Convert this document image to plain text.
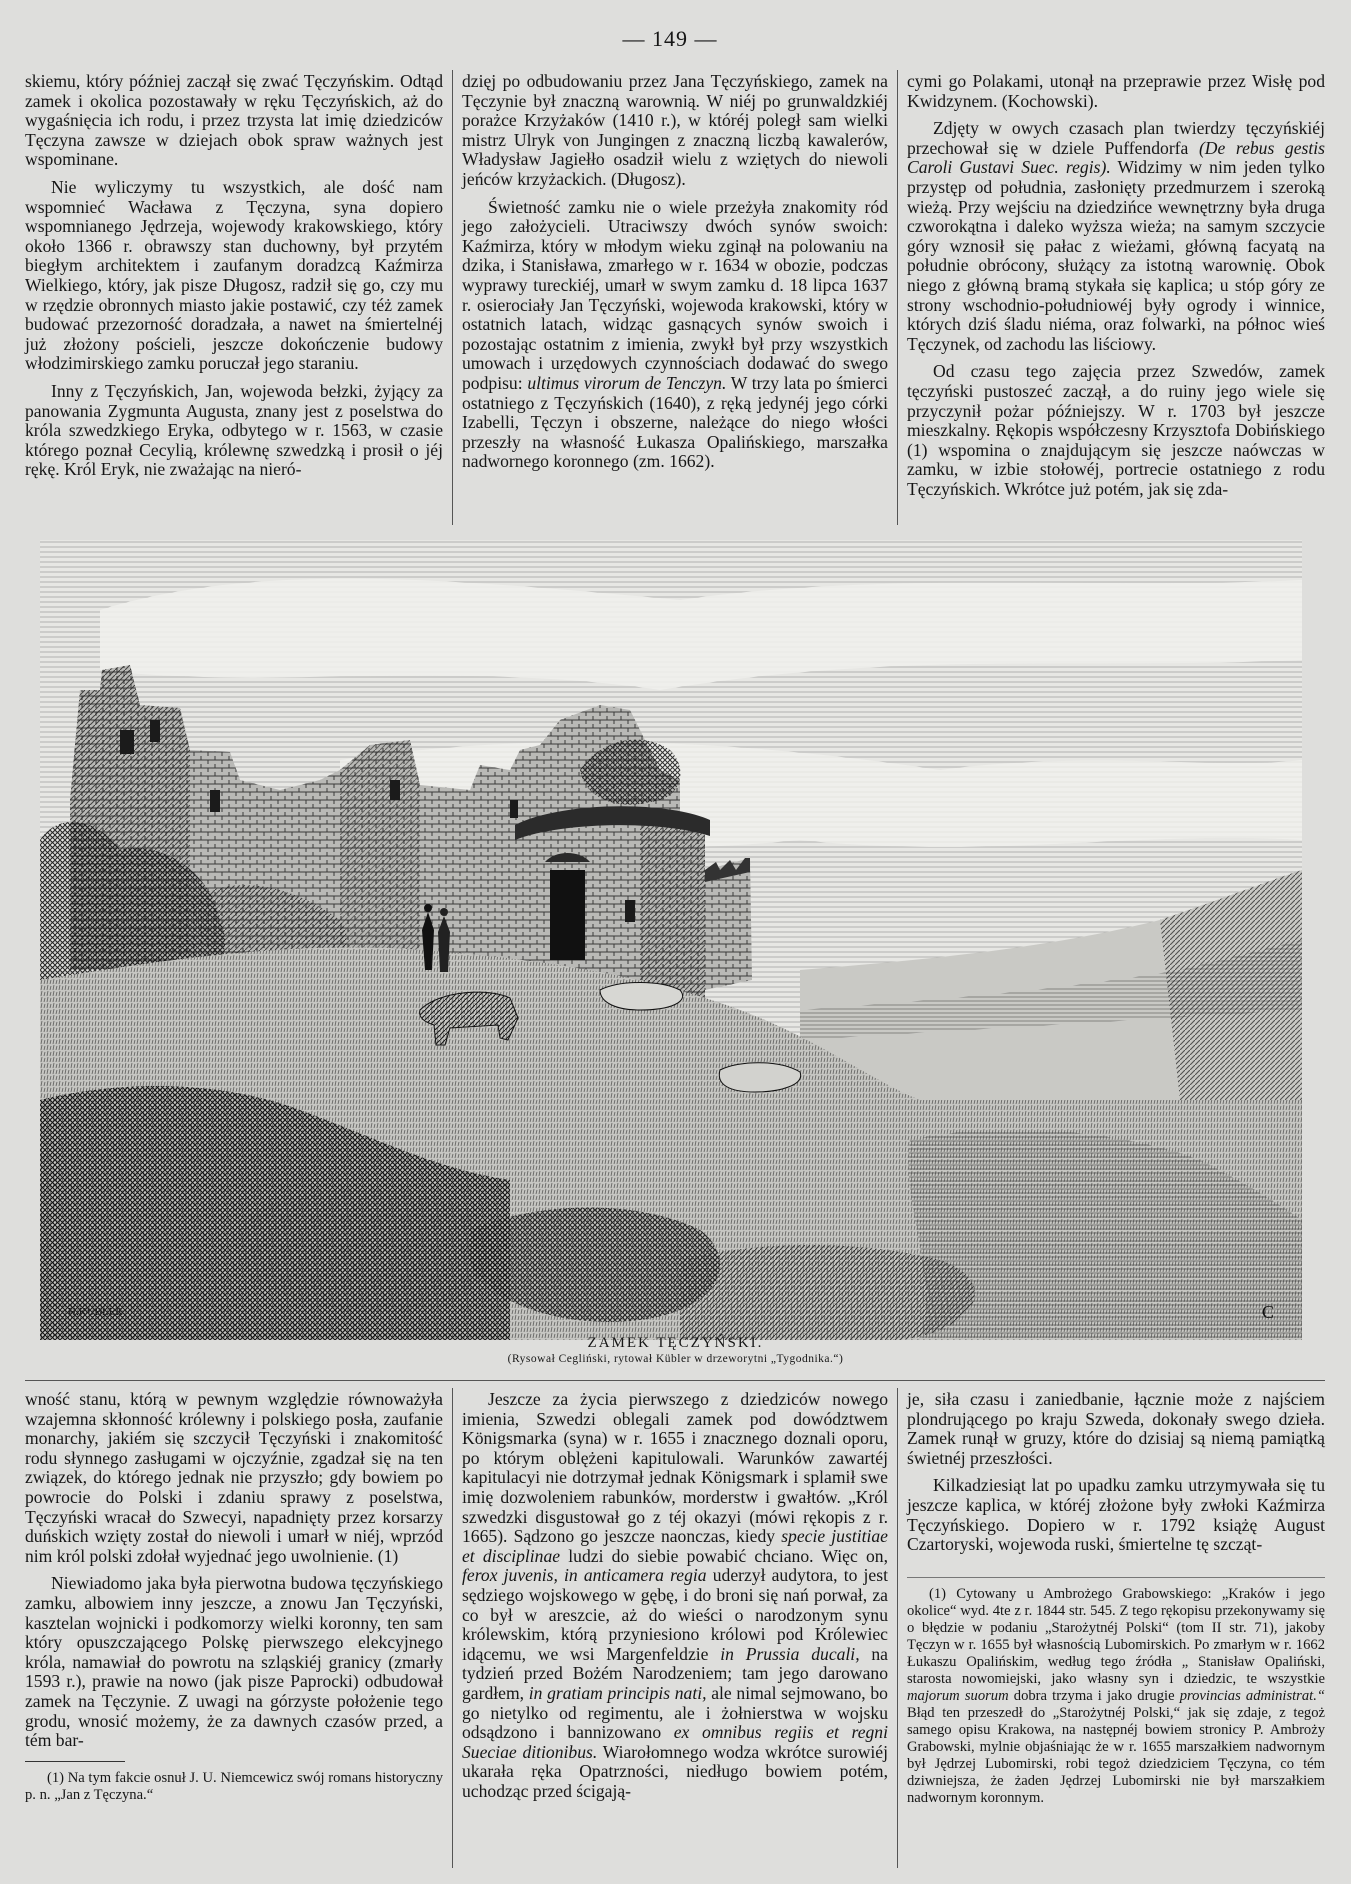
— 149 —

skiemu, który później zaczął się zwać Tęczyńskim. Odtąd zamek i okolica pozostawały w ręku Tęczyńskich, aż do wygaśnięcia ich rodu, i przez trzysta lat imię dziedziców Tęczyna zawsze w dziejach obok spraw ważnych jest wspominane.

Nie wyliczymy tu wszystkich, ale dość nam wspomnieć Wacława z Tęczyna, syna dopiero wspomnianego Jędrzeja, wojewody krakowskiego, który około 1366 r. obrawszy stan duchowny, był przytém biegłym architektem i zaufanym doradzcą Kaźmirza Wielkiego, który, jak pisze Długosz, radził się go, czy mu w rzędzie obronnych miasto jakie postawić, czy téż zamek budować przezorność doradzała, a nawet na śmiertelnéj już złożony pościeli, jeszcze dokończenie budowy włodzimirskiego zamku poruczał jego staraniu.

Inny z Tęczyńskich, Jan, wojewoda bełzki, żyjący za panowania Zygmunta Augusta, znany jest z poselstwa do króla szwedzkiego Eryka, odbytego w r. 1563, w czasie którego poznał Cecylią, królewnę szwedzką i prosił o jéj rękę. Król Eryk, nie zważając na nieró-

dzięj po odbudowaniu przez Jana Tęczyńskiego, zamek na Tęczynie był znaczną warownią. W niéj po grunwaldzkiéj porażce Krzyżaków (1410 r.), w któréj poległ sam wielki mistrz Ulryk von Jungingen z znaczną liczbą kawalerów, Władysław Jagiełło osadził wielu z wziętych do niewoli jeńców krzyżackich. (Długosz).

Świetność zamku nie o wiele przeżyła znakomity ród jego założycieli. Utraciwszy dwóch synów swoich: Kaźmirza, który w młodym wieku zginął na polowaniu na dzika, i Stanisława, zmarłego w r. 1634 w obozie, podczas wyprawy tureckiéj, umarł w swym zamku d. 18 lipca 1637 r. osierociały Jan Tęczyński, wojewoda krakowski, który w ostatnich latach, widząc gasnących synów swoich i pozostając ostatnim z imienia, zwykł był przy wszystkich umowach i urzędowych czynnościach dodawać do swego podpisu: ultimus virorum de Tenczyn. W trzy lata po śmierci ostatniego z Tęczyńskich (1640), z ręką jedynéj jego córki Izabelli, Tęczyn i obszerne, należące do niego włości przeszły na własność Łukasza Opalińskiego, marszałka nadwornego koronnego (zm. 1662).

cymi go Polakami, utonął na przeprawie przez Wisłę pod Kwidzynem. (Kochowski).

Zdjęty w owych czasach plan twierdzy tęczyńskiéj przechował się w dziele Puffendorfa (De rebus gestis Caroli Gustavi Suec. regis). Widzimy w nim jeden tylko przystęp od południa, zasłonięty przedmurzem i szeroką wieżą. Przy wejściu na dziedzińce wewnętrzny była druga czworokątna i daleko wyższa wieża; na samym szczycie góry wznosił się pałac z wieżami, główną facyatą na południe obrócony, służący za istotną warownię. Obok niego z główną bramą stykała się kaplica; u stóp góry ze strony wschodnio-południowéj były ogrody i winnice, których dziś śladu niéma, oraz folwarki, na północ wieś Tęczynek, od zachodu las liściowy.

Od czasu tego zajęcia przez Szwedów, zamek tęczyński pustoszeć zaczął, a do ruiny jego wiele się przyczynił pożar późniejszy. W r. 1703 był jeszcze mieszkalny. Rękopis współczesny Krzysztofa Dobińskiego (1) wspomina o znajdującym się jeszcze naówczas w zamku, w izbie stołowéj, portrecie ostatniego z rodu Tęczyńskich. Wkrótce już potém, jak się zda-

H.KUBLER	C
ZAMEK TĘCZYŃSKI.
(Rysował Cegliński, rytował Kübler w drzeworytni „Tygodnika.“)

wność stanu, którą w pewnym względzie równoważyła wzajemna skłonność królewny i polskiego posła, zaufanie monarchy, jakiém się szczycił Tęczyński i znakomitość rodu słynnego zasługami w ojczyźnie, zgadzał się na ten związek, do którego jednak nie przyszło; gdy bowiem po powrocie do Polski i zdaniu sprawy z poselstwa, Tęczyński wracał do Szwecyi, napadnięty przez korsarzy duńskich wzięty został do niewoli i umarł w niéj, wprzód nim król polski zdołał wyjednać jego uwolnienie. (1)

Niewiadomo jaka była pierwotna budowa tęczyńskiego zamku, albowiem inny jeszcze, a znowu Jan Tęczyński, kasztelan wojnicki i podkomorzy wielki koronny, ten sam który opuszczającego Polskę pierwszego elekcyjnego króla, namawiał do powrotu na szląskiéj granicy (zmarły 1593 r.), prawie na nowo (jak pisze Paprocki) odbudował zamek na Tęczynie. Z uwagi na górzyste położenie tego grodu, wnosić możemy, że za dawnych czasów przed, a tém bar-

(1) Na tym fakcie osnuł J. U. Niemcewicz swój romans historyczny p. n. „Jan z Tęczyna.“

Jeszcze za życia pierwszego z dziedziców nowego imienia, Szwedzi oblegali zamek pod dowództwem Königsmarka (syna) w r. 1655 i znacznego doznali oporu, po którym oblężeni kapitulowali. Warunków zawartéj kapitulacyi nie dotrzymał jednak Königsmark i splamił swe imię dozwoleniem rabunków, morderstw i gwałtów. „Król szwedzki disgustował go z téj okazyi (mówi rękopis z r. 1665). Sądzono go jeszcze naonczas, kiedy specie justitiae et disciplinae ludzi do siebie powabić chciano. Więc on, ferox juvenis, in anticamera regia uderzył audytora, to jest sędziego wojskowego w gębę, i do broni się nań porwał, za co był w areszcie, aż do wieści o narodzonym synu królewskim, którą przyniesiono królowi pod Królewiec idącemu, we wsi Margenfeldzie in Prussia ducali, na tydzień przed Bożém Narodzeniem; tam jego darowano gardłem, in gratiam principis nati, ale nimal sejmowano, bo go nietylko od regimentu, ale i żołnierstwa w wojsku odsądzono i bannizowano ex omnibus regiis et regni Sueciae ditionibus. Wiarołomnego wodza wkrótce surowiéj ukarała ręka Opatrzności, niedługo bowiem potém, uchodząc przed ścigają-

je, siła czasu i zaniedbanie, łącznie może z najściem plondrującego po kraju Szweda, dokonały swego dzieła. Zamek runął w gruzy, które do dzisiaj są niemą pamiątką świetnéj przeszłości.

Kilkadziesiąt lat po upadku zamku utrzymywała się tu jeszcze kaplica, w któréj złożone były zwłoki Kaźmirza Tęczyńskiego. Dopiero w r. 1792 książę August Czartoryski, wojewoda ruski, śmiertelne tę szcząt-

(1) Cytowany u Ambrożego Grabowskiego: „Kraków i jego okolice“ wyd. 4te z r. 1844 str. 545. Z tego rękopisu przekonywamy się o błędzie w podaniu „Starożytnéj Polski“ (tom II str. 71), jakoby Tęczyn w r. 1655 był własnością Lubomirskich. Po zmarłym w r. 1662 Łukaszu Opalińskim, według tego źródła „ Stanisław Opaliński, starosta nowomiejski, jako własny syn i dziedzic, te wszystkie majorum suorum dobra trzyma i jako drugie provincias administrat.“ Błąd ten przeszedł do „Starożytnéj Polski,“ jak się zdaje, z tegoż samego opisu Krakowa, na następnéj bowiem stronicy P. Ambroży Grabowski, mylnie objaśniając że w r. 1655 marszałkiem nadwornym był Jędrzej Lubomirski, robi tegoż dziedziciem Tęczyna, co tém dziwniejsza, że żaden Jędrzej Lubomirski nie był marszałkiem nadwornym koronnym.
